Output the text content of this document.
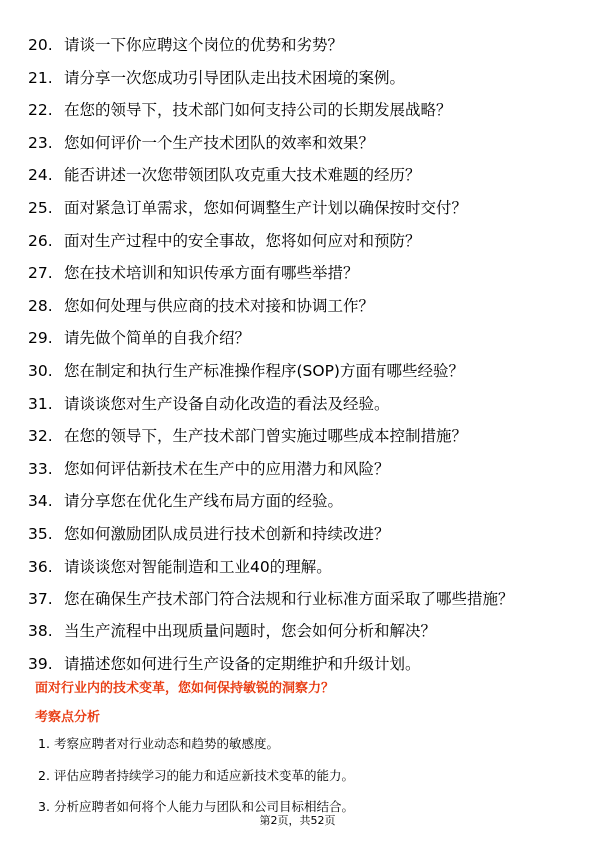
20. 请谈一下你应聘这个岗位的优势和劣势？
21. 请分享一次您成功引导团队走出技术困境的案例。
22. 在您的领导下，技术部门如何支持公司的长期发展战略？
23. 您如何评价一个生产技术团队的效率和效果？
24. 能否讲述一次您带领团队攻克重大技术难题的经历？
25. 面对紧急订单需求，您如何调整生产计划以确保按时交付？
26. 面对生产过程中的安全事故，您将如何应对和预防？
27. 您在技术培训和知识传承方面有哪些举措？
28. 您如何处理与供应商的技术对接和协调工作？
29. 请先做个简单的自我介绍？
30. 您在制定和执行生产标准操作程序(SOP)方面有哪些经验？
31. 请谈谈您对生产设备自动化改造的看法及经验。
32. 在您的领导下，生产技术部门曾实施过哪些成本控制措施？
33. 您如何评估新技术在生产中的应用潜力和风险？
34. 请分享您在优化生产线布局方面的经验。
35. 您如何激励团队成员进行技术创新和持续改进？
36. 请谈谈您对智能制造和工业40的理解。
37. 您在确保生产技术部门符合法规和行业标准方面采取了哪些措施？
38. 当生产流程中出现质量问题时，您会如何分析和解决？
39. 请描述您如何进行生产设备的定期维护和升级计划。
面对行业内的技术变革，您如何保持敏锐的洞察力？
考察点分析
1. 考察应聘者对行业动态和趋势的敏感度。
2. 评估应聘者持续学习的能力和适应新技术变革的能力。
3. 分析应聘者如何将个人能力与团队和公司目标相结合。
第2页，共52页
